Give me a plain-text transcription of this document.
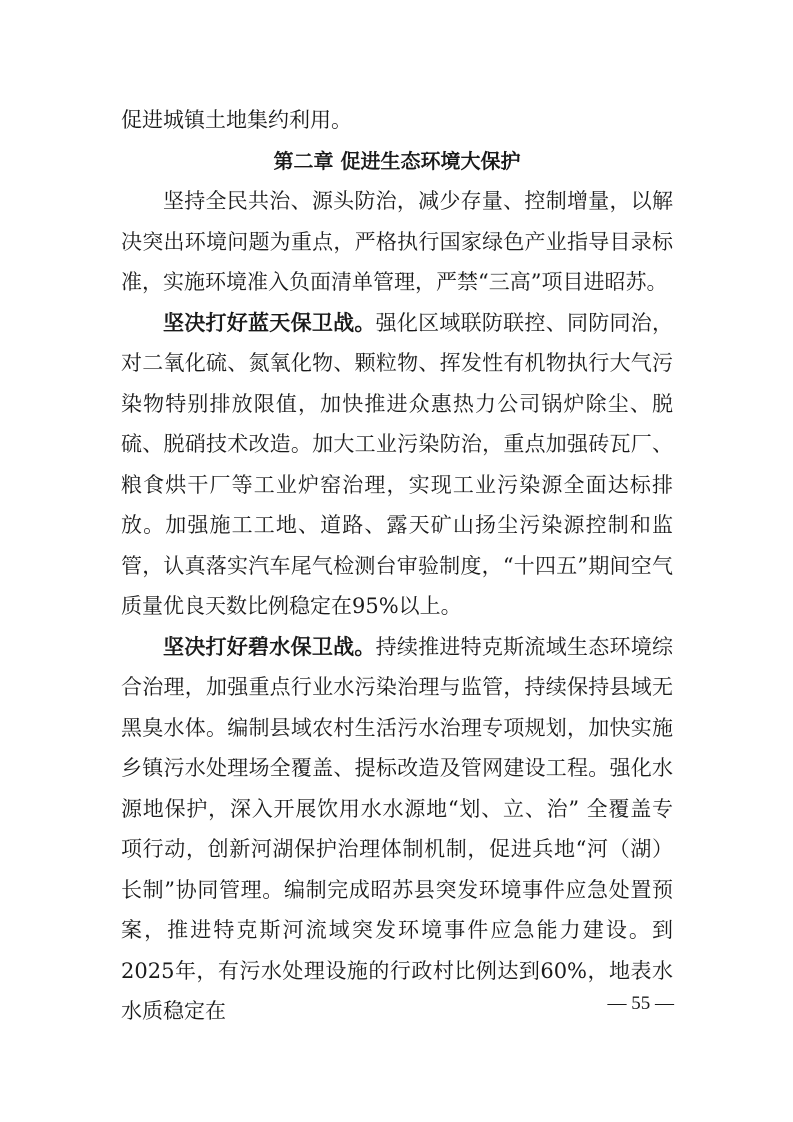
促进城镇土地集约利用。

第二章 促进生态环境大保护

坚持全民共治、源头防治，减少存量、控制增量，以解决突出环境问题为重点，严格执行国家绿色产业指导目录标准，实施环境准入负面清单管理，严禁“三高”项目进昭苏。

坚决打好蓝天保卫战。强化区域联防联控、同防同治，对二氧化硫、氮氧化物、颗粒物、挥发性有机物执行大气污染物特别排放限值，加快推进众惠热力公司锅炉除尘、脱硫、脱硝技术改造。加大工业污染防治，重点加强砖瓦厂、粮食烘干厂等工业炉窑治理，实现工业污染源全面达标排放。加强施工工地、道路、露天矿山扬尘污染源控制和监管，认真落实汽车尾气检测台审验制度，“十四五”期间空气质量优良天数比例稳定在95%以上。

坚决打好碧水保卫战。持续推进特克斯流域生态环境综合治理，加强重点行业水污染治理与监管，持续保持县域无黑臭水体。编制县域农村生活污水治理专项规划，加快实施乡镇污水处理场全覆盖、提标改造及管网建设工程。强化水源地保护，深入开展饮用水水源地“划、立、治” 全覆盖专项行动，创新河湖保护治理体制机制，促进兵地“河（湖）长制”协同管理。编制完成昭苏县突发环境事件应急处置预案，推进特克斯河流域突发环境事件应急能力建设。到2025年，有污水处理设施的行政村比例达到60%，地表水水质稳定在	— 55 —
